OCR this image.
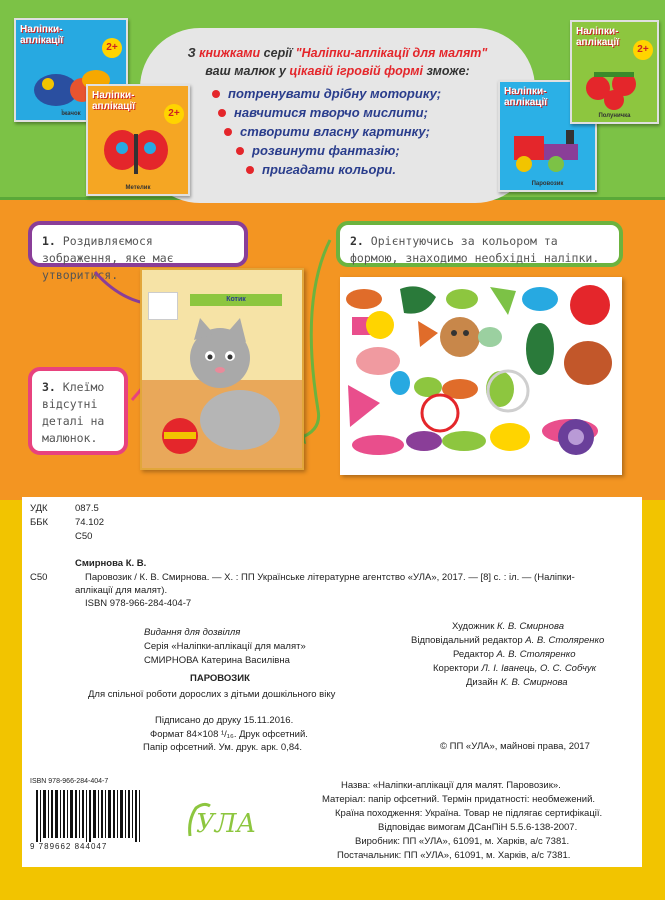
З книжками серії "Наліпки-аплікації для малят"
ваш малюк у цікавій ігровій формі зможе:
потренувати дрібну моторику;
навчитися творчо мислити;
створити власну картинку;
розвинути фантазію;
пригадати кольори.
Наліпки-аплікації
2+
Їжачок
Наліпки-аплікації
2+
Метелик
Наліпки-аплікації
Паровозик
Наліпки-аплікації
2+
Полуничка
1. Роздивляємося зображення, яке має утворитися.
2. Орієнтуючись за кольором та формою, знаходимо необхідні наліпки.
3. Клеїмо відсутні деталі на малюнок.
Котик
УДК	087.5
ББК	74.102
С50
Смирнова К. В.
С50	Паровозик / К. В. Смирнова. — Х. : ПП Українське літературне агентство «УЛА», 2017. — [8] с. : іл. — (Наліпки-
аплікації для малят).
ISBN 978-966-284-404-7
Видання для дозвілля
Серія «Наліпки-аплікації для малят»
СМИРНОВА Катерина Василівна
ПАРОВОЗИК
Для спільної роботи дорослих з дітьми дошкільного віку
Підписано до друку 15.11.2016.
Формат 84×108 ¹/₁₆. Друк офсетний.
Папір офсетний. Ум. друк. арк. 0,84.
Художник К. В. Смирнова
Відповідальний редактор А. В. Столяренко
Редактор А. В. Столяренко
Коректори Л. І. Іванець, О. С. Собчук
Дизайн К. В. Смирнова
© ПП «УЛА», майнові права, 2017
ISBN 978-966-284-404-7
9 789662 844047
УЛА
Назва: «Наліпки-аплікації для малят. Паровозик».
Матеріал: папір офсетний. Термін придатності: необмежений.
Країна походження: Україна. Товар не підлягає сертифікації.
Відповідає вимогам ДСанПіН 5.5.6-138-2007.
Виробник: ПП «УЛА», 61091, м. Харків, а/с 7381.
Постачальник: ПП «УЛА», 61091, м. Харків, а/с 7381.
